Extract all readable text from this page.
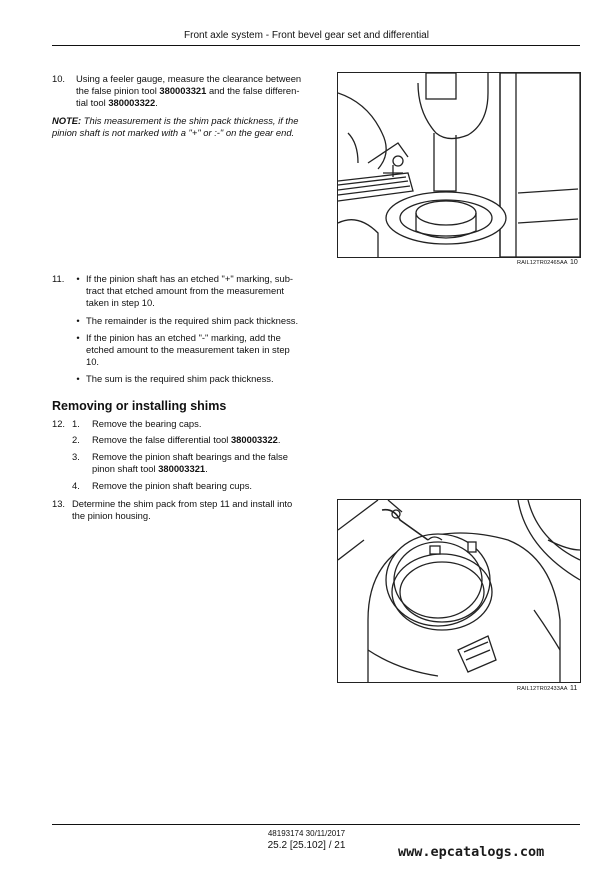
Front axle system - Front bevel gear set and differential
10.	Using a feeler gauge, measure the clearance between
the false pinion tool 380003321 and the false differen-
tial tool 380003322.
NOTE: This measurement is the shim pack thickness, if the
pinion shaft is not marked with a "+" or :-" on the gear end.
RAIL12TR02465AA 10
11.	• If the pinion shaft has an etched "+" marking, sub-
tract that etched amount from the measurement
taken in step 10.
• The remainder is the required shim pack thickness.
• If the pinion has an etched "-" marking, add the
etched amount to the measurement taken in step
10.
• The sum is the required shim pack thickness.
Removing or installing shims
12. 1. Remove the bearing caps.
2. Remove the false differential tool 380003322.
3. Remove the pinion shaft bearings and the false
pinon shaft tool 380003321.
4. Remove the pinion shaft bearing cups.
13. Determine the shim pack from step 11 and install into
the pinion housing.
RAIL12TR02433AA 11
48193174 30/11/2017
25.2 [25.102] / 21	www.epcatalogs.com
